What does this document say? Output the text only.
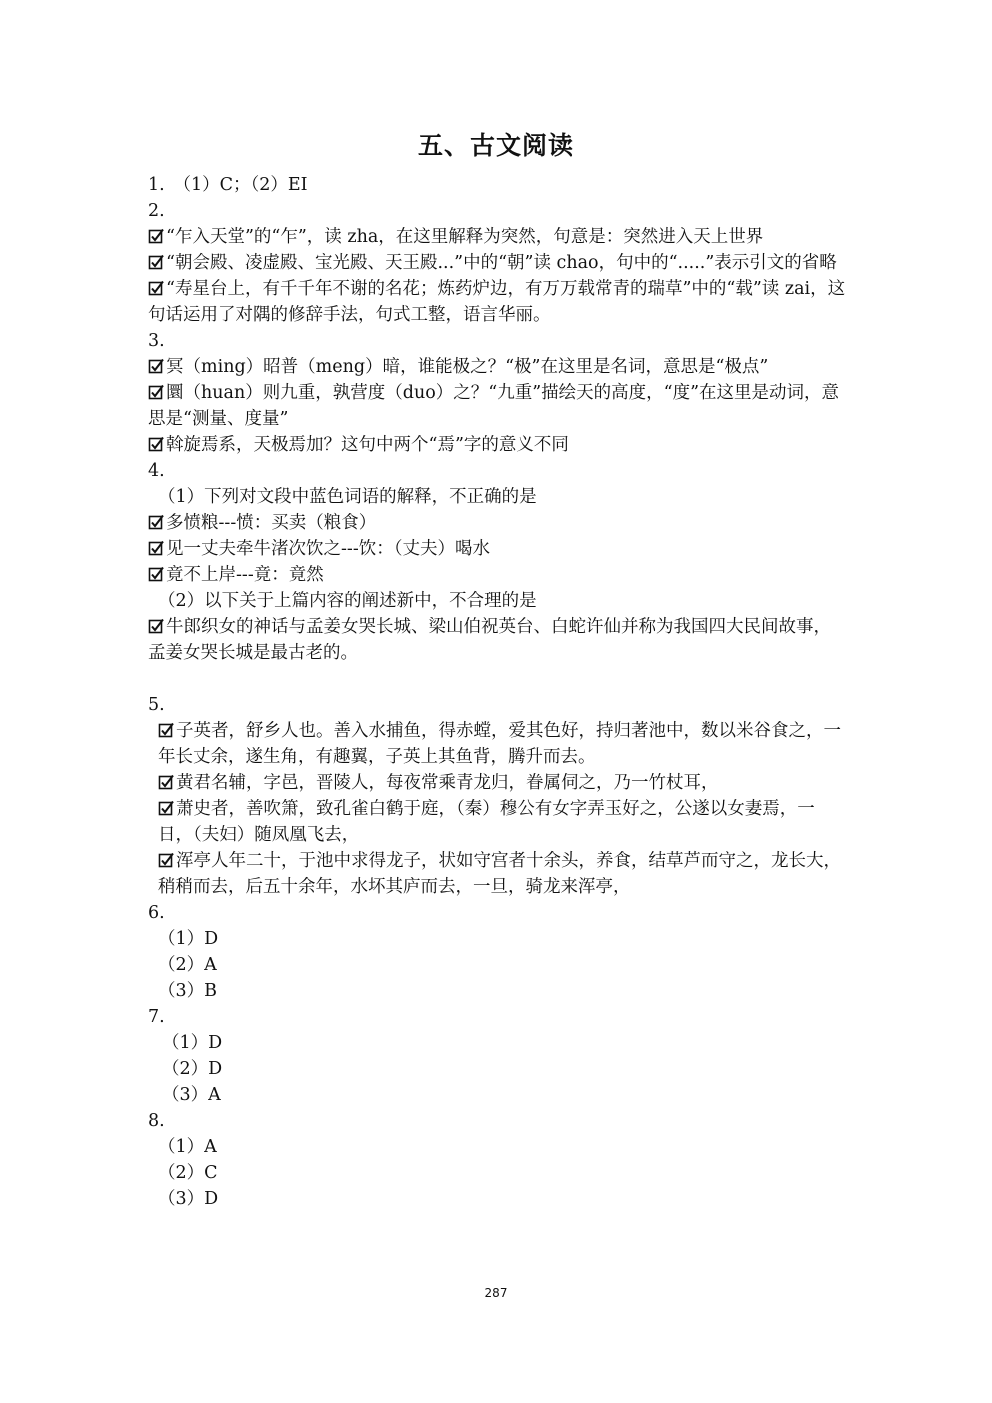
五、古文阅读
1.　（1）C；（2）EI
2.
“乍入天堂”的“乍”，读 zha，在这里解释为突然，句意是：突然进入天上世界
“朝会殿、凌虚殿、宝光殿、天王殿...”中的“朝”读 chao，句中的“.....”表示引文的省略
“寿星台上，有千千年不谢的名花；炼药炉边，有万万载常青的瑞草”中的“载”读 zai，这句话运用了对隅的修辞手法，句式工整，语言华丽。
3.
冥（ming）昭普（meng）暗，谁能极之？“极”在这里是名词，意思是“极点”
圜（huan）则九重，孰营度（duo）之？“九重”描绘天的高度，“度”在这里是动词，意思是“测量、度量”
斡旋焉系，天极焉加？这句中两个“焉”字的意义不同
4.
（1）下列对文段中蓝色词语的解释，不正确的是
多愤粮---愤：买卖（粮食）
见一丈夫牵牛渚次饮之---饮：（丈夫）喝水
竟不上岸---竟：竟然
（2）以下关于上篇内容的阐述新中，不合理的是
牛郎织女的神话与孟姜女哭长城、梁山伯祝英台、白蛇许仙并称为我国四大民间故事，孟姜女哭长城是最古老的。
5.
子英者，舒乡人也。善入水捕鱼，得赤螳，爱其色好，持归著池中，数以米谷食之，一年长丈余，遂生角，有趣翼，子英上其鱼背，腾升而去。
黄君名辅，字邑，晋陵人，每夜常乘青龙归，眷属伺之，乃一竹杖耳，
萧史者，善吹箫，致孔雀白鹤于庭，（秦）穆公有女字弄玉好之，公遂以女妻焉，一日，（夫妇）随凤凰飞去，
浑亭人年二十，于池中求得龙子，状如守宫者十余头，养食，结草芦而守之，龙长大，稍稍而去，后五十余年，水坏其庐而去，一旦，骑龙来浑亭，
6.
（1）D
（2）A
（3）B
7.
（1）D
（2）D
（3）A
8.
（1）A
（2）C
（3）D
287
